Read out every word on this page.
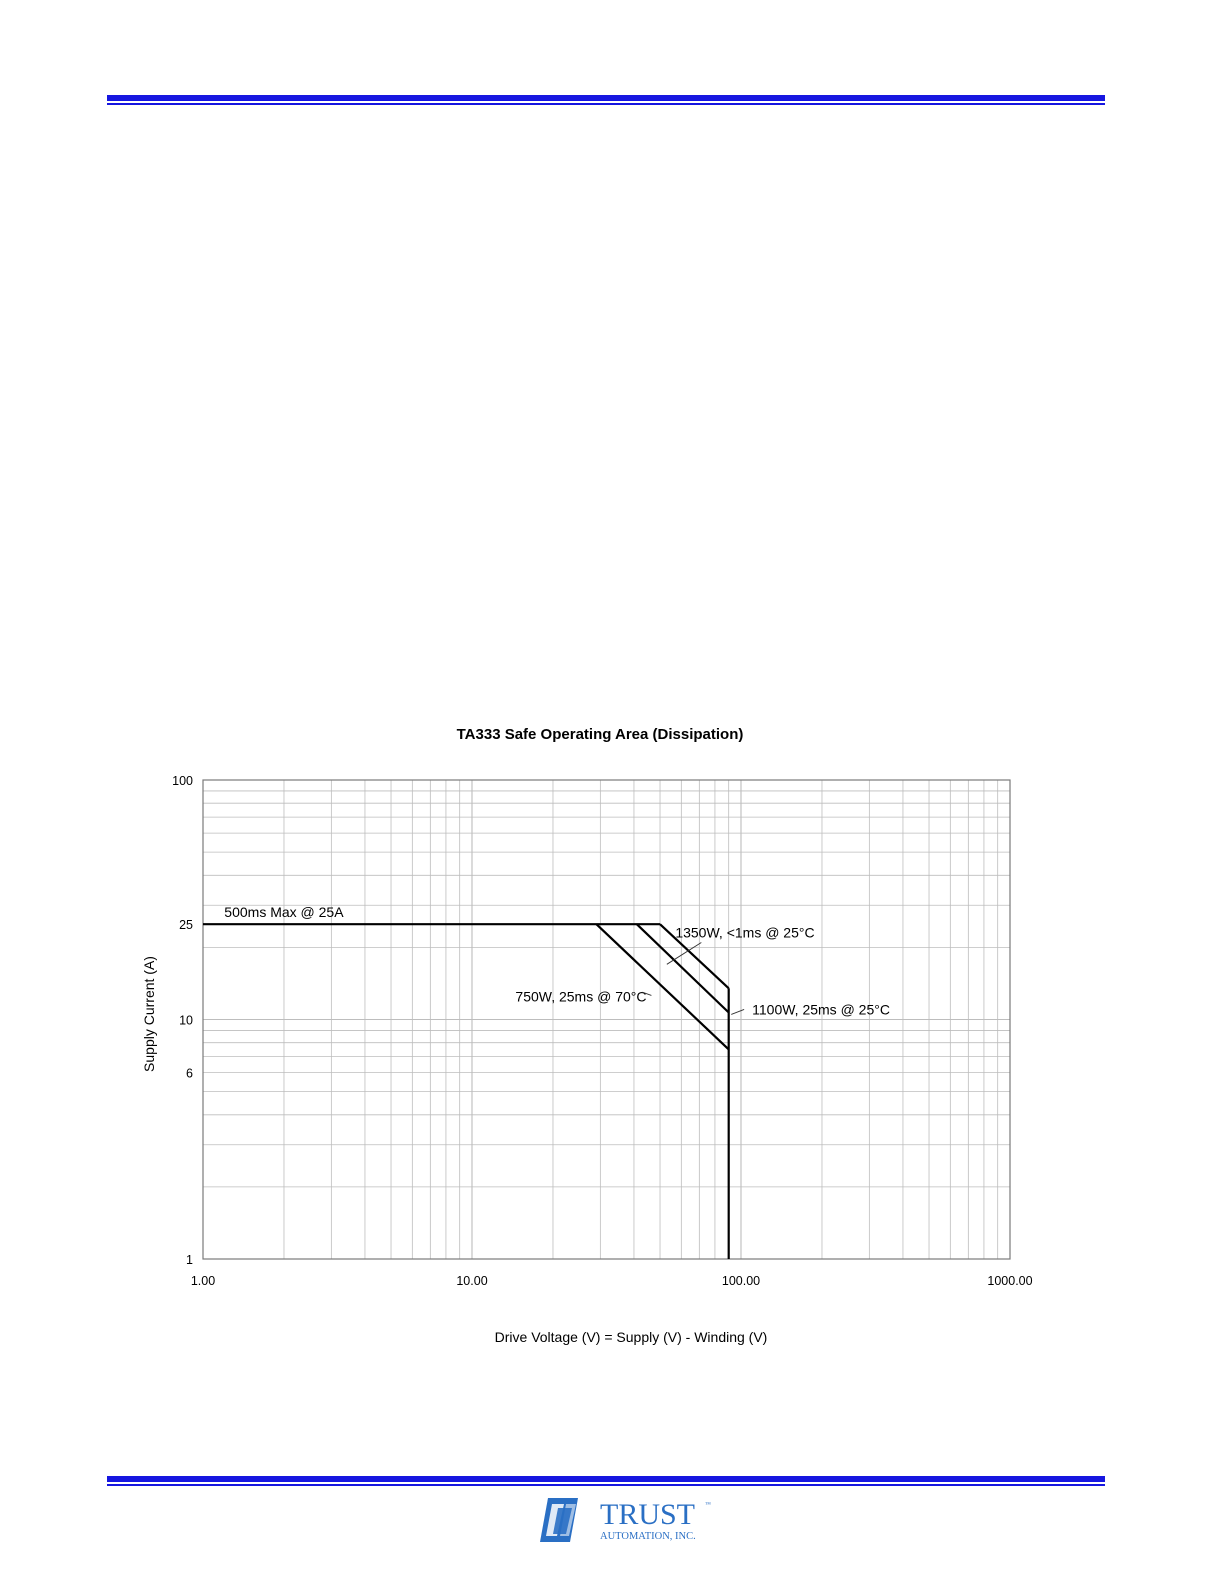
TA333 Safe Operating Area (Dissipation)
1.00	10.00	100.00	1000.00
1
6
10
25
100
500ms Max @ 25A
1350W, <1ms @ 25°C
750W, 25ms @ 70°C
1100W, 25ms @ 25°C
Drive Voltage (V) = Supply (V) - Winding (V)
Supply Current (A)
TRUST ™
AUTOMATION, INC.
